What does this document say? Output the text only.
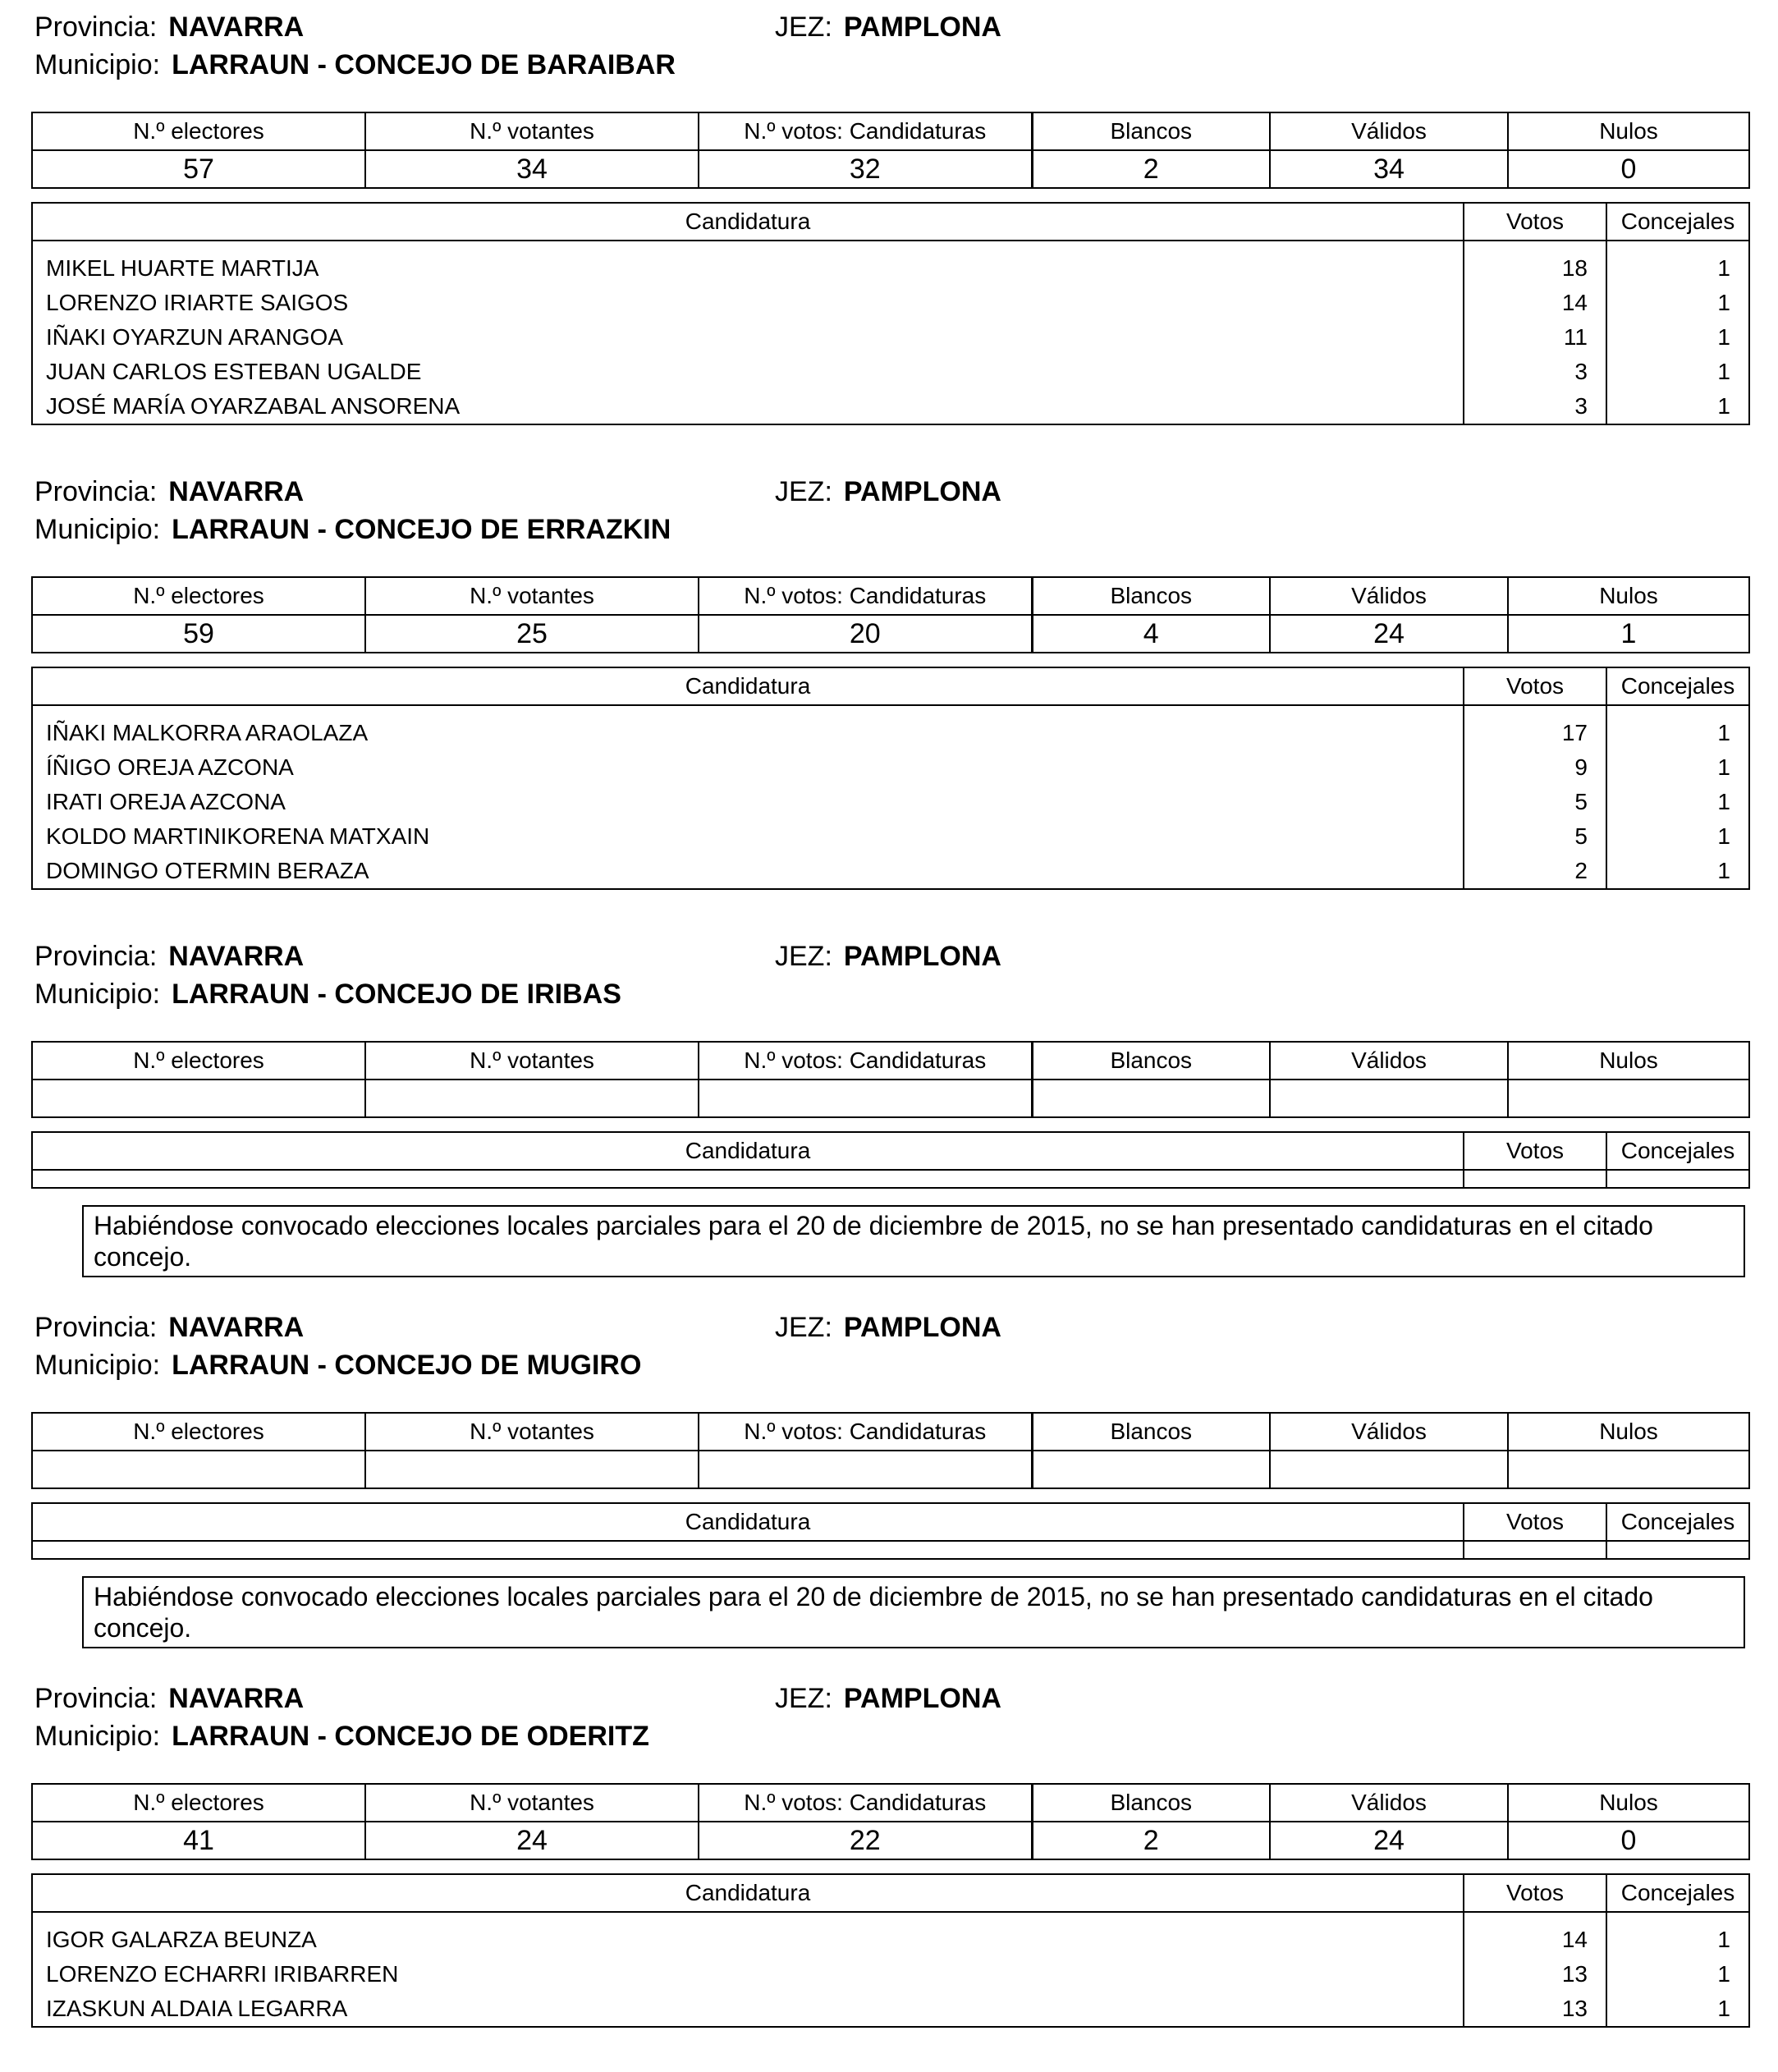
Provincia: NAVARRA	JEZ: PAMPLONA
Municipio: LARRAUN - CONCEJO DE BARAIBAR
N.º electores	N.º votantes	N.º votos: Candidaturas	Blancos	Válidos	Nulos
57	34	32	2	34	0
Candidatura	Votos	Concejales
MIKEL HUARTE MARTIJA	18	1
LORENZO IRIARTE SAIGOS	14	1
IÑAKI OYARZUN ARANGOA	11	1
JUAN CARLOS ESTEBAN UGALDE	3	1
JOSÉ MARÍA OYARZABAL ANSORENA	3	1
Provincia: NAVARRA	JEZ: PAMPLONA
Municipio: LARRAUN - CONCEJO DE ERRAZKIN
N.º electores	N.º votantes	N.º votos: Candidaturas	Blancos	Válidos	Nulos
59	25	20	4	24	1
Candidatura	Votos	Concejales
IÑAKI MALKORRA ARAOLAZA	17	1
ÍÑIGO OREJA AZCONA	9	1
IRATI OREJA AZCONA	5	1
KOLDO MARTINIKORENA MATXAIN	5	1
DOMINGO OTERMIN BERAZA	2	1
Provincia: NAVARRA	JEZ: PAMPLONA
Municipio: LARRAUN - CONCEJO DE IRIBAS
N.º electores	N.º votantes	N.º votos: Candidaturas	Blancos	Válidos	Nulos

Candidatura	Votos	Concejales

Habiéndose convocado elecciones locales parciales para el 20 de diciembre de 2015, no se han presentado candidaturas en el citado concejo.
Provincia: NAVARRA	JEZ: PAMPLONA
Municipio: LARRAUN - CONCEJO DE MUGIRO
N.º electores	N.º votantes	N.º votos: Candidaturas	Blancos	Válidos	Nulos

Candidatura	Votos	Concejales

Habiéndose convocado elecciones locales parciales para el 20 de diciembre de 2015, no se han presentado candidaturas en el citado concejo.
Provincia: NAVARRA	JEZ: PAMPLONA
Municipio: LARRAUN - CONCEJO DE ODERITZ
N.º electores	N.º votantes	N.º votos: Candidaturas	Blancos	Válidos	Nulos
41	24	22	2	24	0
Candidatura	Votos	Concejales
IGOR GALARZA BEUNZA	14	1
LORENZO ECHARRI IRIBARREN	13	1
IZASKUN ALDAIA LEGARRA	13	1
